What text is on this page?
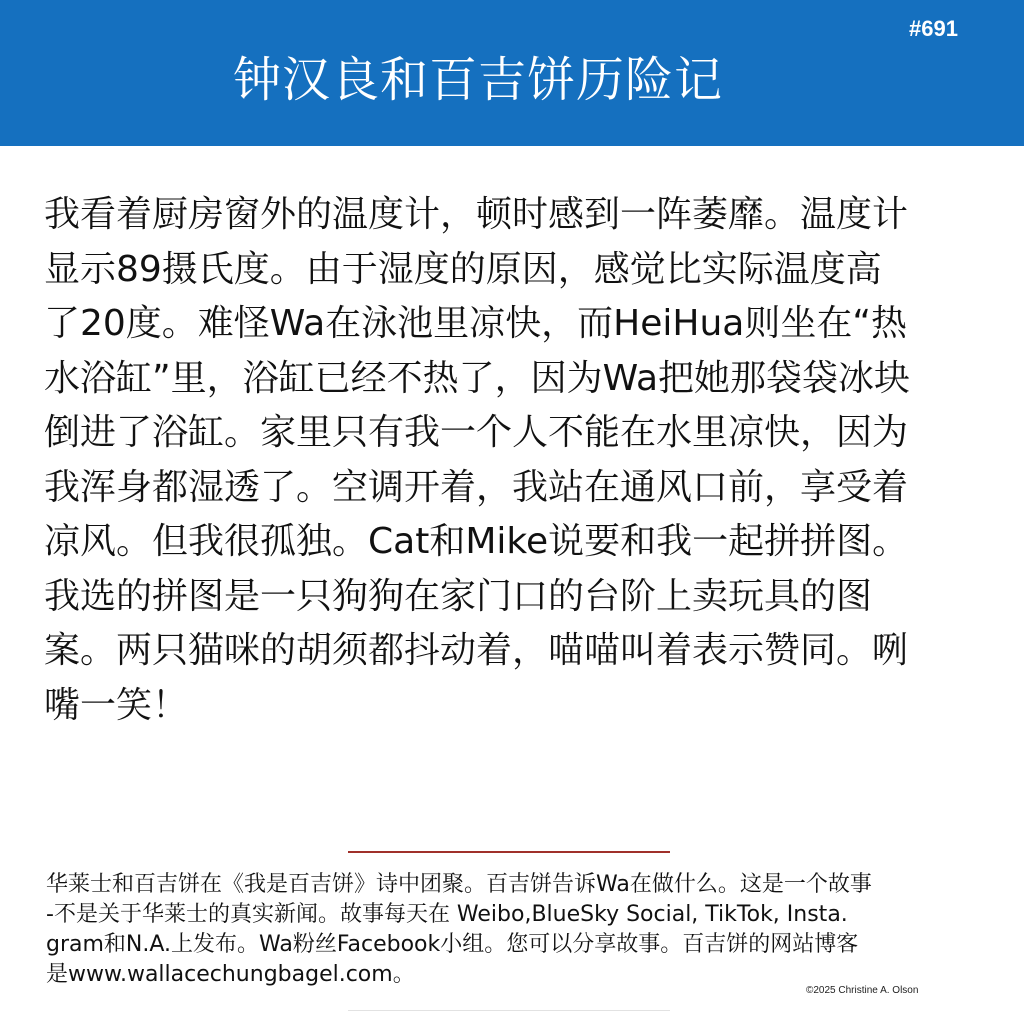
#691
钟汉良和百吉饼历险记
我看着厨房窗外的温度计，顿时感到一阵萎靡。温度计
显示89摄氏度。由于湿度的原因，感觉比实际温度高
了20度。难怪Wa在泳池里凉快，而HeiHua则坐在“热
水浴缸”里，浴缸已经不热了，因为Wa把她那袋袋冰块
倒进了浴缸。家里只有我一个人不能在水里凉快，因为
我浑身都湿透了。空调开着，我站在通风口前，享受着
凉风。但我很孤独。Cat和Mike说要和我一起拼拼图。
我选的拼图是一只狗狗在家门口的台阶上卖玩具的图
案。两只猫咪的胡须都抖动着，喵喵叫着表示赞同。咧
嘴一笑！
华莱士和百吉饼在《我是百吉饼》诗中团聚。百吉饼告诉Wa在做什么。这是一个故事
-不是关于华莱士的真实新闻。故事每天在 Weibo,BlueSky Social, TikTok, Insta.
gram和N.A.上发布。Wa粉丝Facebook小组。您可以分享故事。百吉饼的网站博客
是www.wallacechungbagel.com。
©2025 Christine A. Olson
